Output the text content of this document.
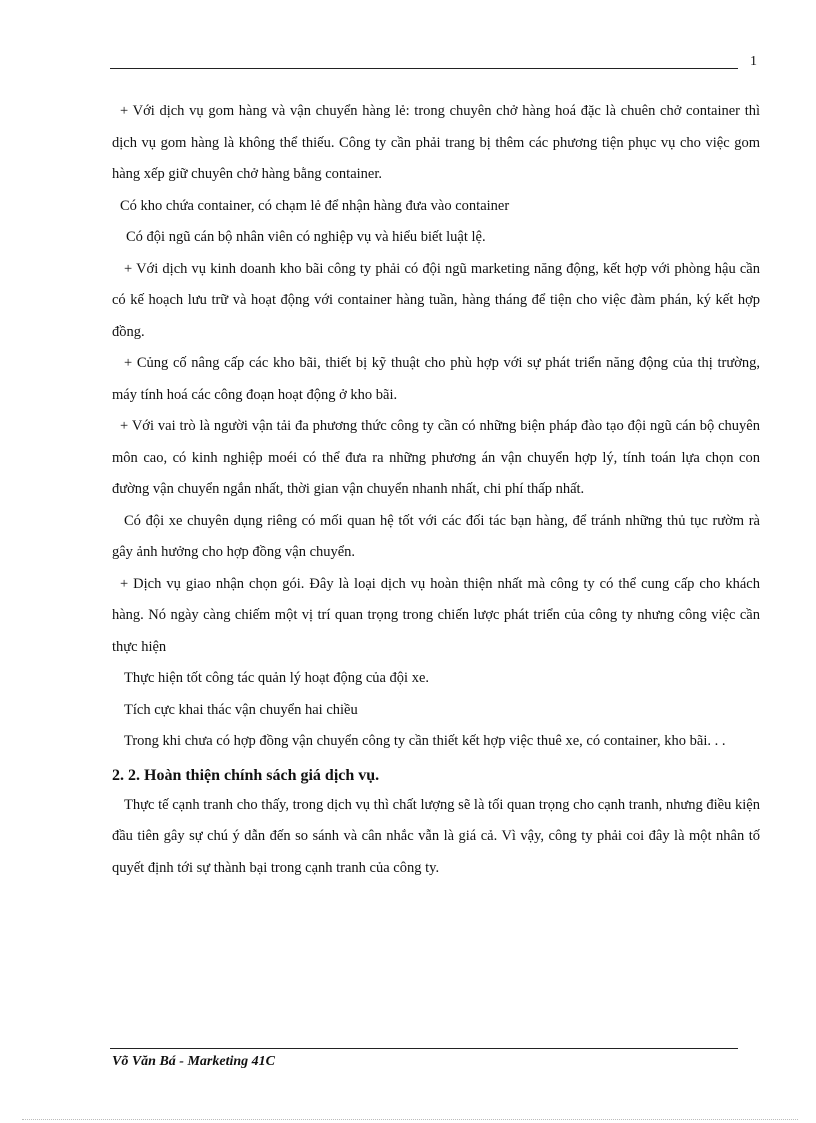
1

+ Với dịch vụ gom hàng và vận chuyển hàng lẻ: trong chuyên chở hàng hoá đặc là chuên chở container thì dịch vụ gom hàng là không thể thiếu. Công ty cần phải trang bị thêm các phương tiện phục vụ cho việc gom hàng xếp giữ chuyên chở hàng bằng container.

Có kho chứa container, có chạm lẻ để nhận hàng đưa vào container

Có đội ngũ cán bộ nhân viên có nghiệp vụ và hiểu biết luật lệ.

+ Với dịch vụ kinh doanh kho bãi công ty phải có đội ngũ marketing năng động, kết hợp với phòng hậu cần có kế hoạch lưu trữ và hoạt động với container hàng tuần, hàng tháng để tiện cho việc đàm phán, ký kết hợp đồng.

+ Củng cố nâng cấp các kho bãi, thiết bị kỹ thuật cho phù hợp với sự phát triển năng động của thị trường, máy tính hoá các công đoạn hoạt động ở kho bãi.

+ Với vai trò là người vận tải đa phương thức công ty cần có những biện pháp đào tạo đội ngũ cán bộ chuyên môn cao, có kinh nghiệp moéi có thể đưa ra những phương án vận chuyển hợp lý, tính toán lựa chọn con đường vận chuyển ngắn nhất, thời gian vận chuyển nhanh nhất, chi phí thấp nhất.

Có đội xe chuyên dụng riêng có mối quan hệ tốt với các đối tác bạn hàng, để tránh những thủ tục rườm rà gây ảnh hưởng cho hợp đồng vận chuyển.

+ Dịch vụ giao nhận chọn gói. Đây là loại dịch vụ hoàn thiện nhất mà công ty có thể cung cấp cho khách hàng. Nó ngày càng chiếm một vị trí quan trọng trong chiến lược phát triển của công ty nhưng công việc cần thực hiện

Thực hiện tốt công tác quản lý hoạt động của đội xe.

Tích cực khai thác vận chuyển hai chiều

Trong khi chưa có hợp đồng vận chuyển công ty cần thiết kết hợp việc thuê xe, có container, kho bãi. . .

2. 2. Hoàn thiện chính sách giá dịch vụ.

Thực tế cạnh tranh cho thấy, trong dịch vụ thì chất lượng sẽ là tối quan trọng cho cạnh tranh, nhưng điều kiện đầu tiên gây sự chú ý dẫn đến so sánh và cân nhắc vẫn là giá cả. Vì vậy, công ty phải coi đây là một nhân tố quyết định tới sự thành bại trong cạnh tranh của công ty.

Võ Văn Bá - Marketing 41C
